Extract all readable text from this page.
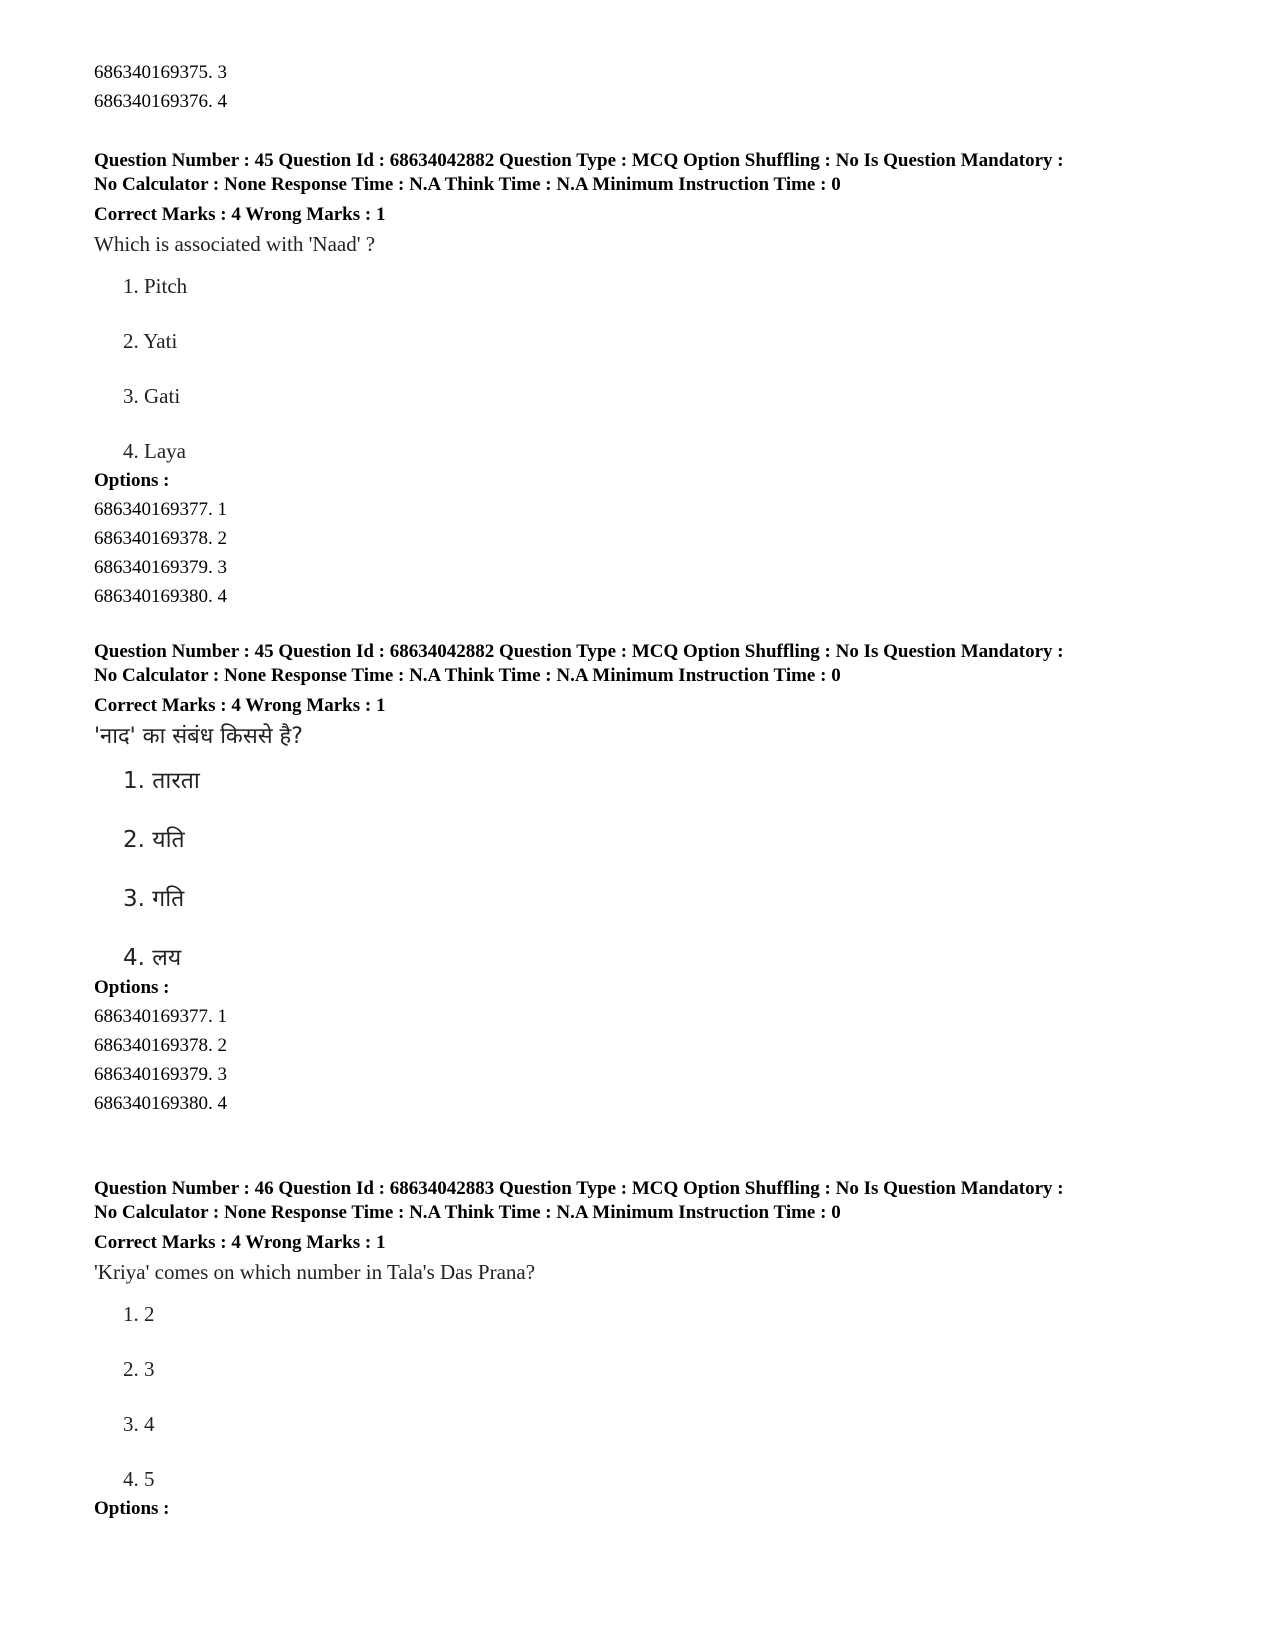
686340169375. 3
686340169376. 4
Question Number : 45 Question Id : 68634042882 Question Type : MCQ Option Shuffling : No Is Question Mandatory :
No Calculator : None Response Time : N.A Think Time : N.A Minimum Instruction Time : 0
Correct Marks : 4 Wrong Marks : 1
Which is associated with 'Naad' ?
1. Pitch
2. Yati
3. Gati
4. Laya
Options :
686340169377. 1
686340169378. 2
686340169379. 3
686340169380. 4
Question Number : 45 Question Id : 68634042882 Question Type : MCQ Option Shuffling : No Is Question Mandatory :
No Calculator : None Response Time : N.A Think Time : N.A Minimum Instruction Time : 0
Correct Marks : 4 Wrong Marks : 1
'नाद' का संबंध किससे है?
1. तारता
2. यति
3. गति
4. लय
Options :
686340169377. 1
686340169378. 2
686340169379. 3
686340169380. 4
Question Number : 46 Question Id : 68634042883 Question Type : MCQ Option Shuffling : No Is Question Mandatory :
No Calculator : None Response Time : N.A Think Time : N.A Minimum Instruction Time : 0
Correct Marks : 4 Wrong Marks : 1
'Kriya' comes on which number in Tala's Das Prana?
1. 2
2. 3
3. 4
4. 5
Options :
